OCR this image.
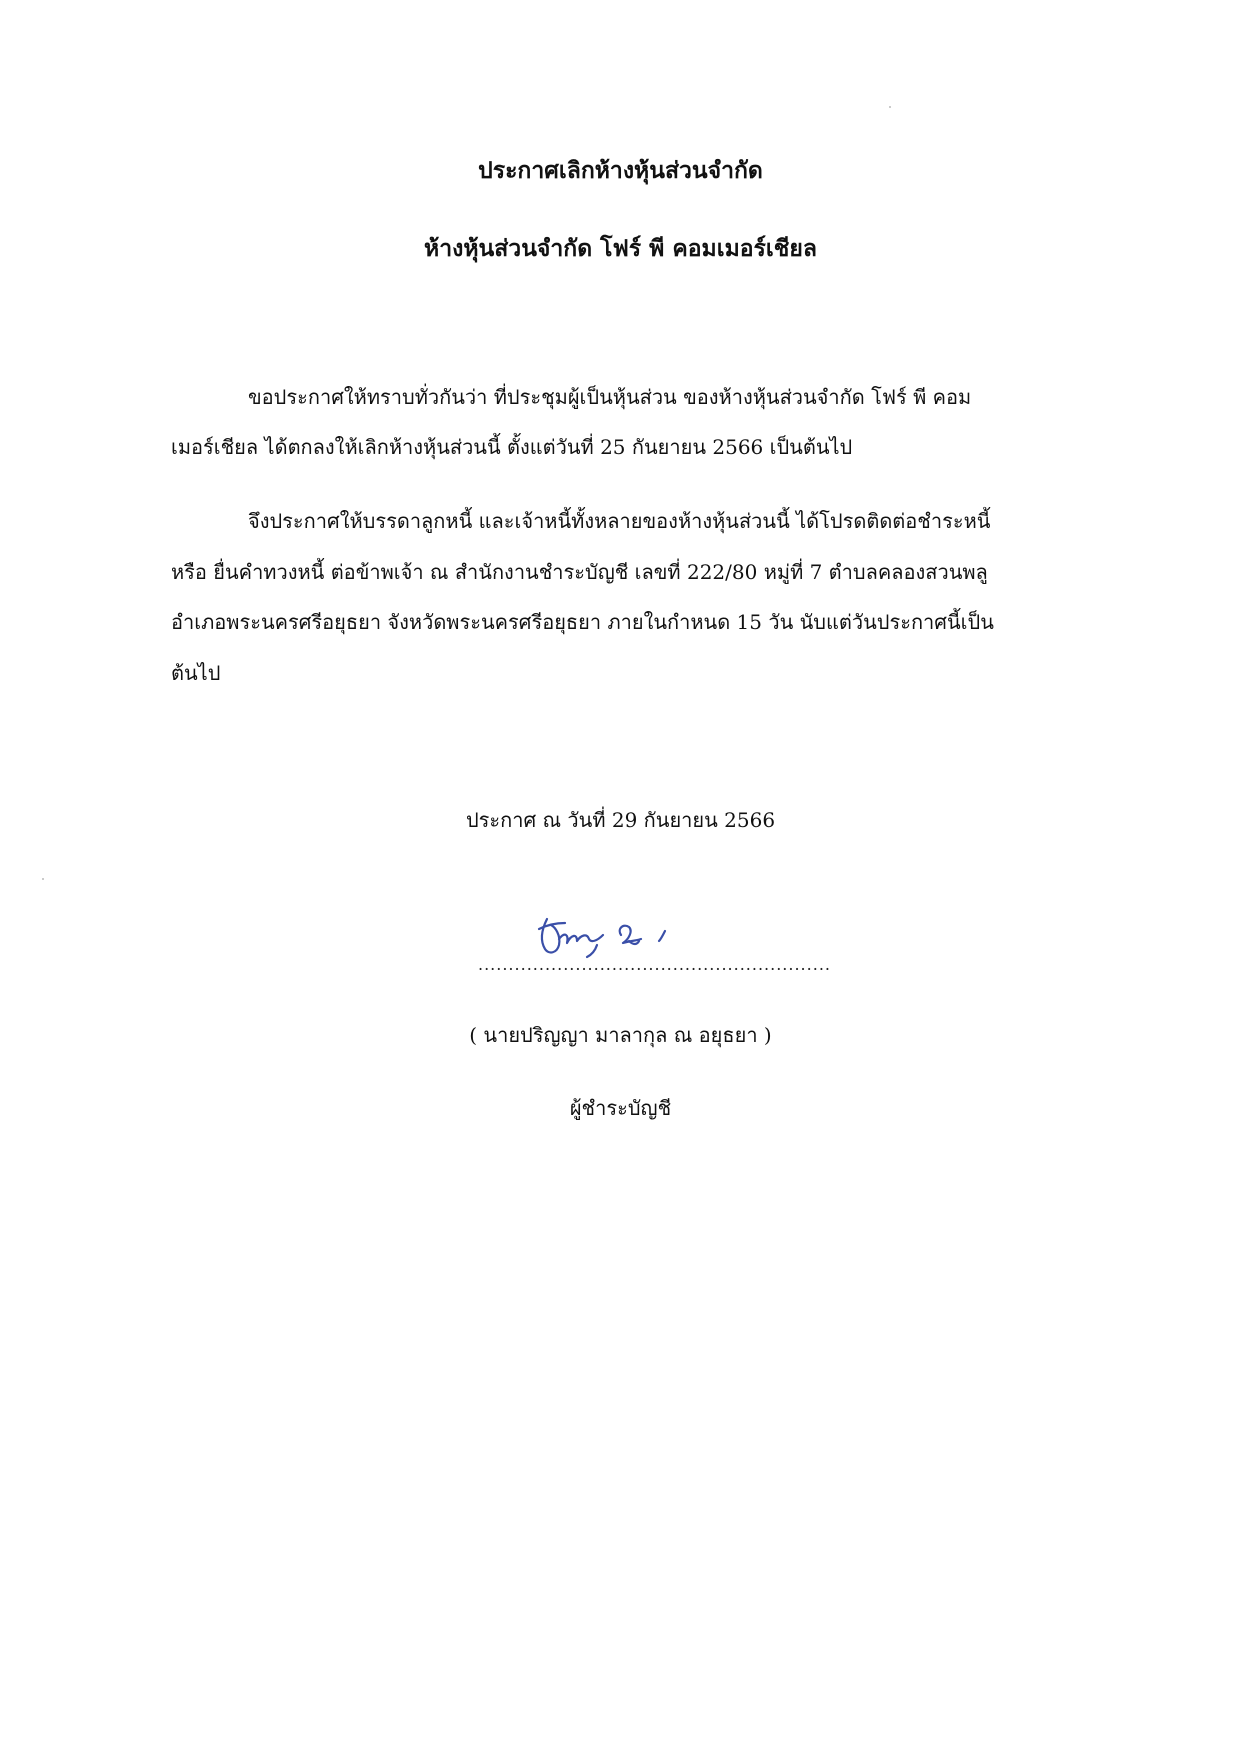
ประกาศเลิกห้างหุ้นส่วนจำกัด
ห้างหุ้นส่วนจำกัด โฟร์ พี คอมเมอร์เชียล
ขอประกาศให้ทราบทั่วกันว่า ที่ประชุมผู้เป็นหุ้นส่วน ของห้างหุ้นส่วนจำกัด โฟร์ พี คอม
เมอร์เชียล ได้ตกลงให้เลิกห้างหุ้นส่วนนี้ ตั้งแต่วันที่ 25 กันยายน 2566 เป็นต้นไป
จึงประกาศให้บรรดาลูกหนี้ และเจ้าหนี้ทั้งหลายของห้างหุ้นส่วนนี้ ได้โปรดติดต่อชำระหนี้
หรือ ยื่นคำทวงหนี้ ต่อข้าพเจ้า ณ สำนักงานชำระบัญชี เลขที่ 222/80 หมู่ที่ 7 ตำบลคลองสวนพลู
อำเภอพระนครศรีอยุธยา จังหวัดพระนครศรีอยุธยา ภายในกำหนด 15 วัน นับแต่วันประกาศนี้เป็น
ต้นไป
ประกาศ ณ วันที่ 29 กันยายน 2566
..........................................................
( นายปริญญา มาลากุล ณ อยุธยา )
ผู้ชำระบัญชี
